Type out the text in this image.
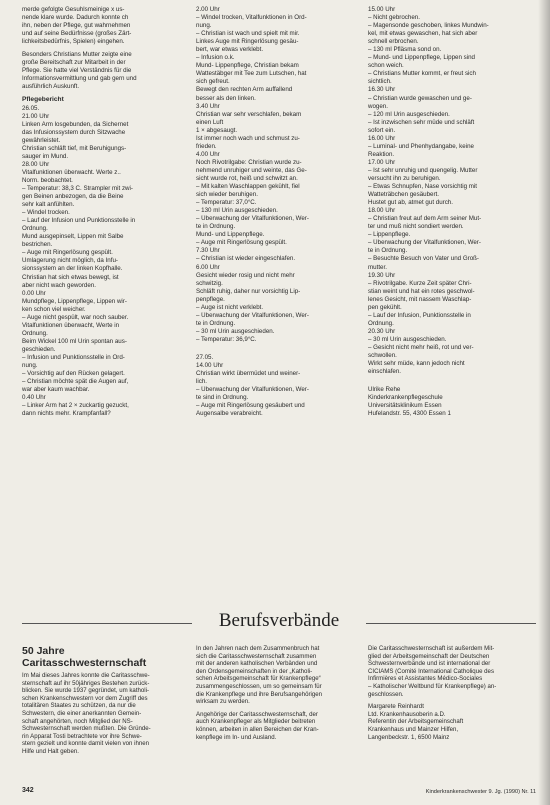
merde gefolgte Gesuhlsmeinige x us-

nende klare wurde. Dadurch konnte ch

ihn, neben der Pflege, gut wahrnehmen

und auf seine Bedürfnisse (großes Zärt-

lichkeitsbedürfnis, Spielen) eingehen.

Besonders Christians Mutter zeigte eine

große Bereitschaft zur Mitarbeit in der

Pflege. Sie hatte viel Verständnis für die

Informationsvermittlung und gab gern und

ausführlich Auskunft.

Pflegebericht

26.05.

21.00 Uhr

Linken Arm losgebunden, da Sichernet

das Infusionssystem durch Sitzwache

gewährleistet.

Christian schläft tief, mit Beruhigungs-

sauger im Mund.

28.00 Uhr

Vitalfunktionen überwacht. Werte z..

Norm. beobachtet.

– Temperatur: 38,3 C. Strampler mit zwi-

gen Beinen anbezogen, da die Beine

sehr kalt anfühlten.

– Windel trocken.

– Lauf der Infusion und Punktionsstelle in

Ordnung.

Mund ausgepinselt, Lippen mit Salbe

bestrichen.

– Auge mit Ringerlösung gespült.

Umlagerung nicht möglich, da Infu-

sionssystem an der linken Kopfhalle.

Christian hat sich etwas bewegt, ist

aber nicht wach geworden.

0.00 Uhr

Mundpflege, Lippenpflege, Lippen wir-

ken schon viel weicher.

– Auge nicht gespült, war noch sauber.

Vitalfunktionen überwacht, Werte in

Ordnung.

Beim Wickel 100 ml Urin spontan aus-

geschieden.

– Infusion und Punktionsstelle in Ord-

nung.

– Vorsichtig auf den Rücken gelagert.

– Christian möchte spät die Augen auf,

war aber kaum wachbar.

0.40 Uhr

– Linker Arm hat 2 × zuckartig gezuckt,

dann nichts mehr. Krampfanfall?

2.00 Uhr

– Windel trocken, Vitalfunktionen in Ord-

nung.

– Christian ist wach und spielt mit mir.

Linkes Auge mit Ringerlösung gesäu-

bert, war etwas verklebt.

– Infusion o.k.

Mund- Lippenpflege, Christian bekam

Wattestäbger mit Tee zum Lutschen, hat

sich gefreut.

Bewegt den rechten Arm auffallend

besser als den linken.

3.40 Uhr

Christian war sehr verschlafen, bekam

einen Luft

1 × abgesaugt.

Ist immer noch wach und schmust zu-

frieden.

4.00 Uhr

Noch Rivotrilgabe: Christian wurde zu-

nehmend unruhiger und weinte, das Ge-

sicht wurde rot, heiß und schwitzt an.

– Mit kalten Waschlappen gekühlt, fiel

sich wieder beruhigen.

– Temperatur: 37,0°C.

– 130 ml Urin ausgeschieden.

– Überwachung der Vitalfunktionen, Wer-

te in Ordnung.

Mund- und Lippenpflege.

– Auge mit Ringerlösung gespült.

7.30 Uhr

– Christian ist wieder eingeschlafen.

6.00 Uhr

Gesicht wieder rosig und nicht mehr

schwitzig.

Schläft ruhig, daher nur vorsichtig Lip-

penpflege.

– Auge ist nicht verklebt.

– Überwachung der Vitalfunktionen, Wer-

te in Ordnung.

– 30 ml Urin ausgeschieden.

– Temperatur: 36,9°C.

27.05.

14.00 Uhr

Christian wirkt übermüdet und weiner-

lich.

– Überwachung der Vitalfunktionen, Wer-

te sind in Ordnung.

– Auge mit Ringerlösung gesäubert und

Augensalbe verabreicht.

15.00 Uhr

– Nicht gebrochen.

– Magensonde geschoben, linkes Mundwin-

kel, mit etwas gewaschen, hat sich aber

schnell erbrochen.

– 130 ml Pfläsma sond on.

– Mund- und Lippenpflege, Lippen sind

schon weich.

– Christians Mutter kommt, er freut sich

sichtlich.

16.30 Uhr

– Christian wurde gewaschen und ge-

wogen.

– 120 ml Urin ausgeschieden.

– Ist inzwischen sehr müde und schläft

sofort ein.

16.00 Uhr

– Luminal- und Phenhydangabe, keine

Reaktion.

17.00 Uhr

– Ist sehr unruhig und quengelig. Mutter

versucht ihn zu beruhigen.

– Etwas Schnupfen, Nase vorsichtig mit

Watteträbchen gesäubert.

Hustet gut ab, atmet gut durch.

18.00 Uhr

– Christian freut auf dem Arm seiner Mut-

ter und muß nicht sondiert werden.

– Lippenpflege.

– Überwachung der Vitalfunktionen, Wer-

te in Ordnung.

– Besuchte Besuch von Vater und Groß-

mutter.

19.30 Uhr

– Rivotrilgabe. Kurze Zeit später Chri-

stian weint und hat ein rotes geschwol-

lenes Gesicht, mit nassem Waschlap-

pen gekühlt.

– Lauf der Infusion, Punktionsstelle in

Ordnung.

20.30 Uhr

– 30 ml Urin ausgeschieden.

– Gesicht nicht mehr heiß, rot und ver-

schwollen.

Wirkt sehr müde, kann jedoch nicht

einschlafen.

Ulrike Rehe

Kinderkrankenpflegeschule

Universitätsklinikum Essen

Hufelandstr. 55, 4300 Essen 1

Berufsverbände
50 Jahre
Caritasschwesternschaft

Im Mai dieses Jahres konnte die Caritasschwe-

sternschaft auf ihr 50jähriges Bestehen zurück-

blicken. Sie wurde 1937 gegründet, um katholi-

schen Krankenschwestern vor dem Zugriff des

totalitären Staates zu schützen, da nur die

Schwestern, die einer anerkannten Gemein-

schaft angehörten, noch Mitglied der NS-

Schwesternschaft werden mußten. Die Gründe-

rin Apparat Tosti betrachtete vor ihre Schwe-

stern gezielt und konnte damit vielen von ihnen

Hilfe und Halt geben.

In den Jahren nach dem Zusammenbruch hat

sich die Caritasschwesternschaft zusammen

mit der anderen katholischen Verbänden und

den Ordensgemeinschaften in der „Katholi-

schen Arbeitsgemeinschaft für Krankenpflege“

zusammengeschlossen, um so gemeinsam für

die Krankenpflege und ihre Berufsangehörigen

wirksam zu werden.

Angehörige der Caritasschwesternschaft, der

auch Krankenpfleger als Mitglieder beitreten

können, arbeiten in allen Bereichen der Kran-

kenpflege im In- und Ausland.

Die Caritasschwesternschaft ist außerdem Mit-

glied der Arbeitsgemeinschaft der Deutschen

Schwesternverbände und ist international der

CICIAMS (Comité International Catholique des

Infirmières et Assistantes Médico-Sociales

– Katholischer Weltbund für Krankenpflege) an-

geschlossen.

Margarete Reinhardt

Ltd. Krankenhausoberin a.D.

Referentin der Arbeitsgemeinschaft

Krankenhaus und Mainzer Hilfen,

Langenbeckstr. 1, 6500 Mainz

342	Kinderkrankenschwester 9. Jg. (1990) Nr. 11
